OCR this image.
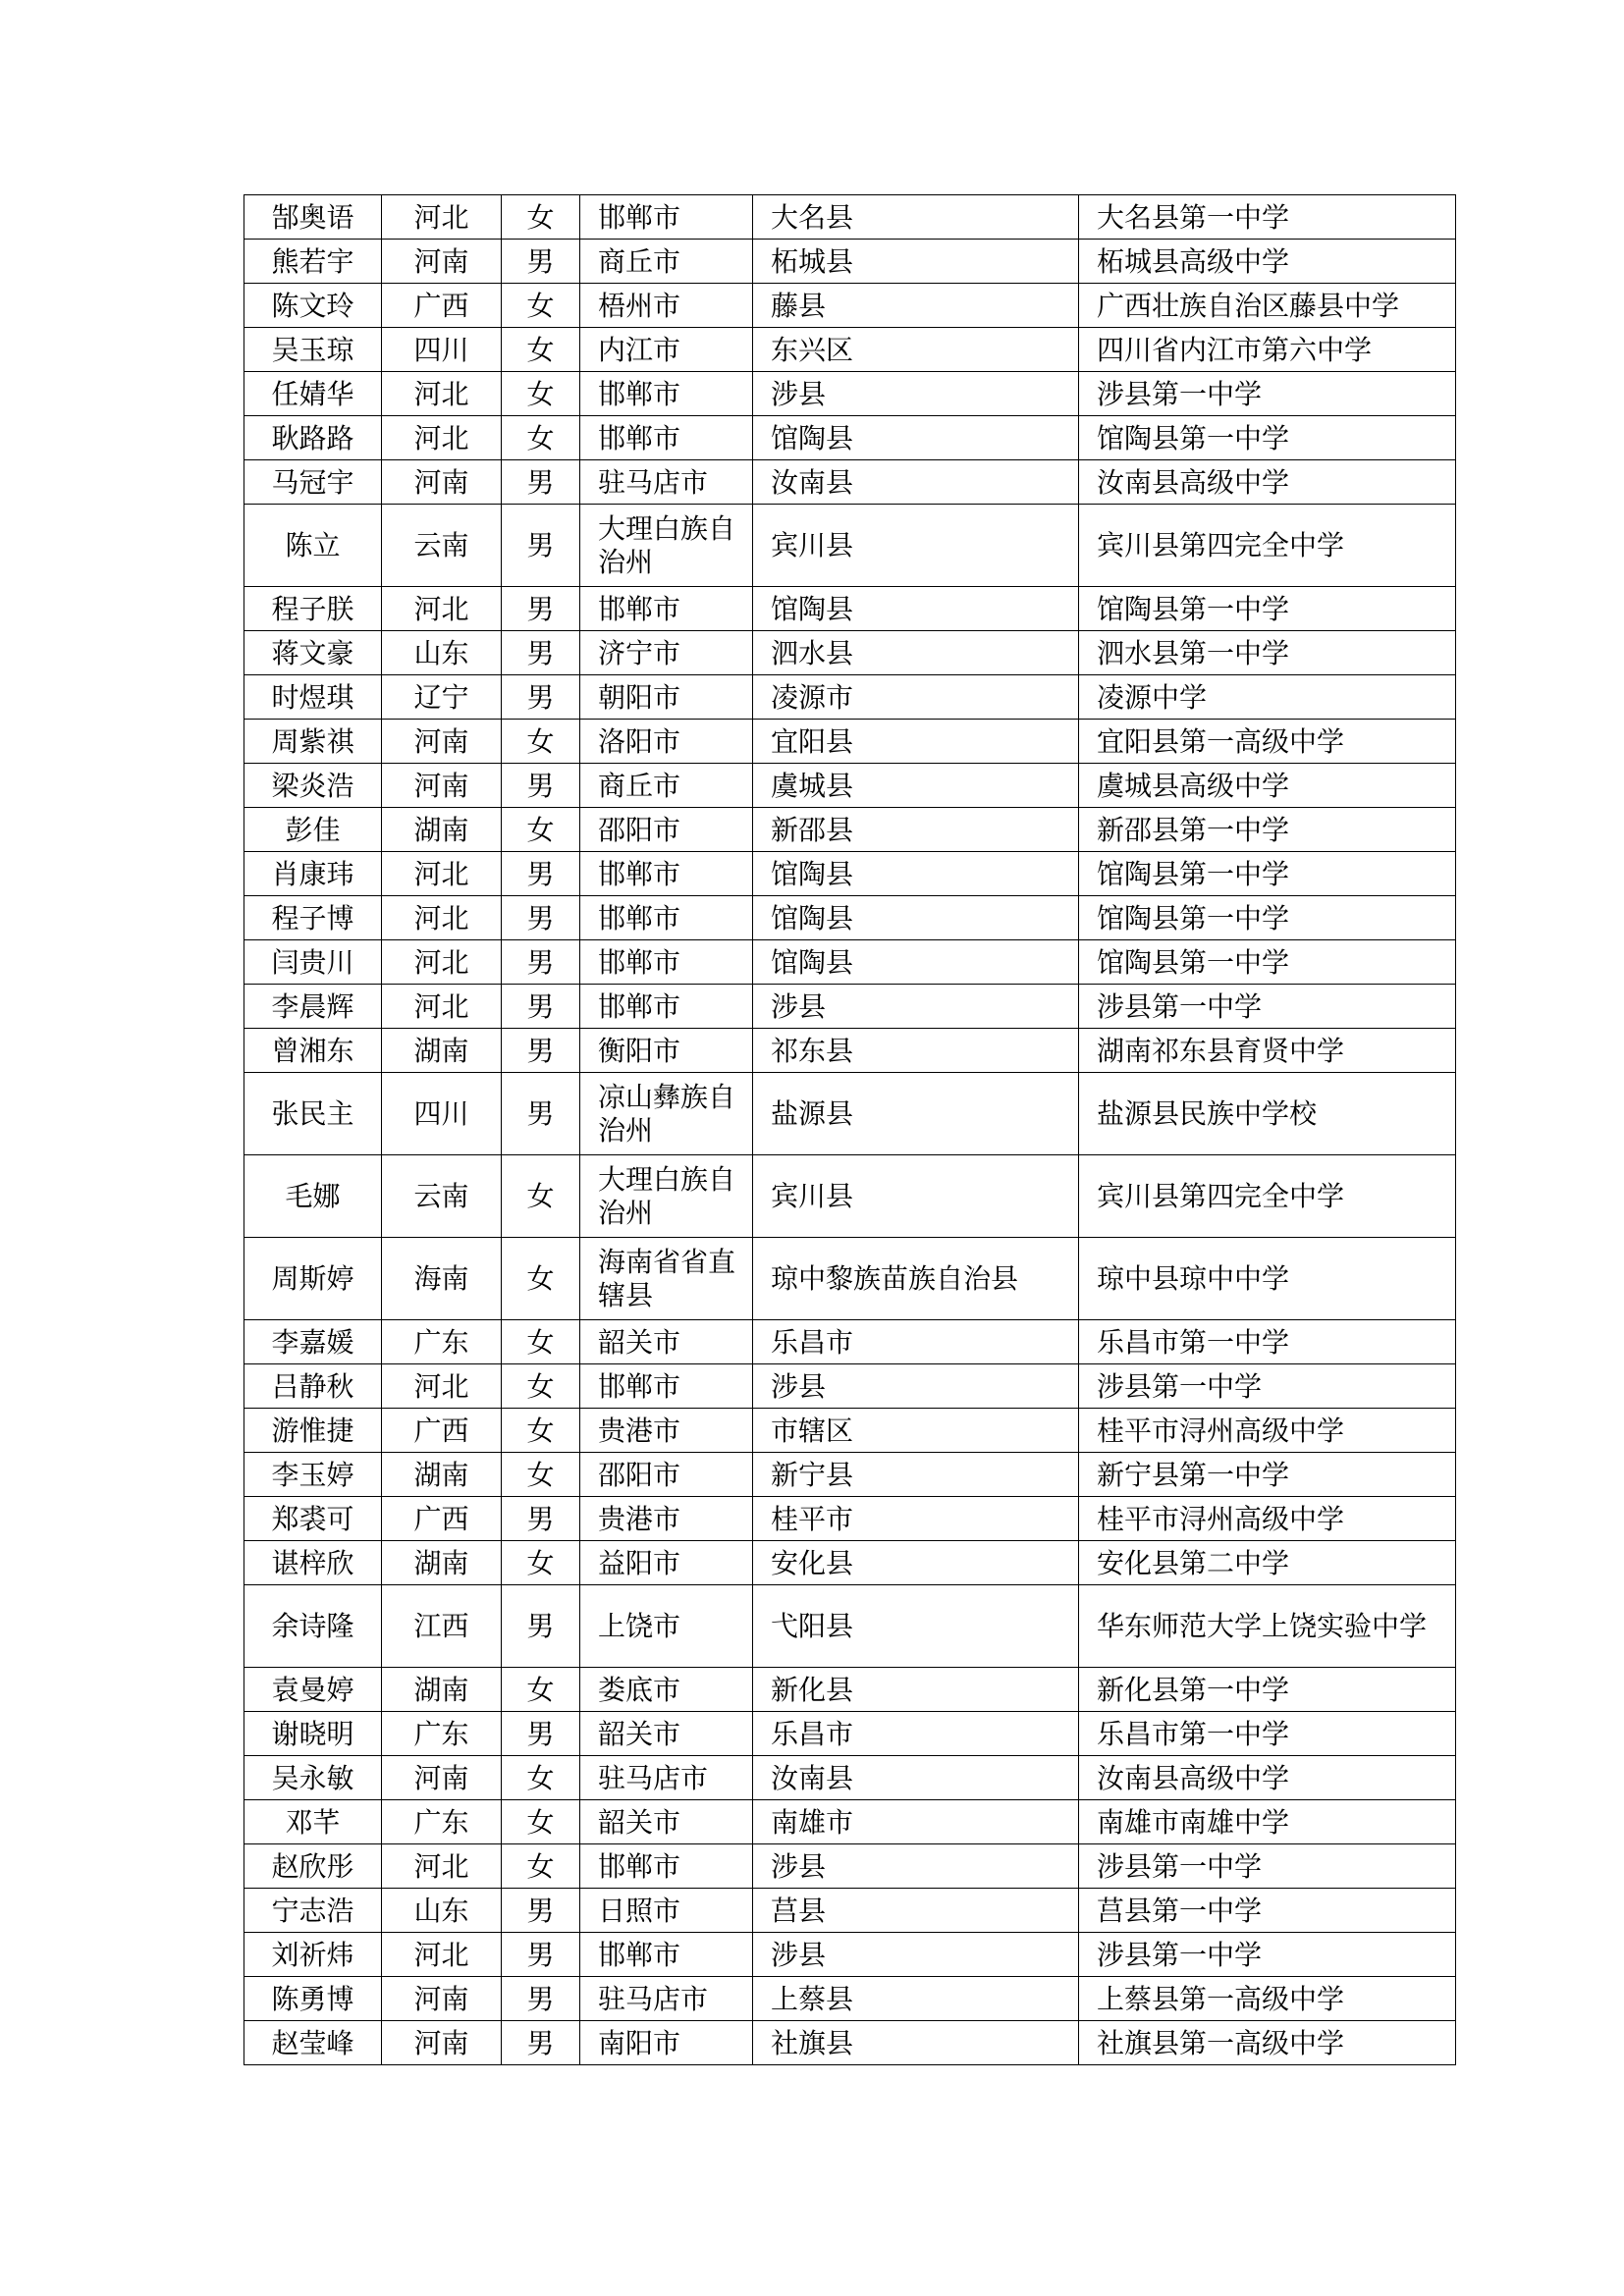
郜奥语	河北	女	邯郸市	大名县	大名县第一中学
熊若宇	河南	男	商丘市	柘城县	柘城县高级中学
陈文玲	广西	女	梧州市	藤县	广西壮族自治区藤县中学
吴玉琼	四川	女	内江市	东兴区	四川省内江市第六中学
任婧华	河北	女	邯郸市	涉县	涉县第一中学
耿路路	河北	女	邯郸市	馆陶县	馆陶县第一中学
马冠宇	河南	男	驻马店市	汝南县	汝南县高级中学
陈立	云南	男	大理白族自治州	宾川县	宾川县第四完全中学
程子朕	河北	男	邯郸市	馆陶县	馆陶县第一中学
蒋文豪	山东	男	济宁市	泗水县	泗水县第一中学
时煜琪	辽宁	男	朝阳市	凌源市	凌源中学
周紫祺	河南	女	洛阳市	宜阳县	宜阳县第一高级中学
梁炎浩	河南	男	商丘市	虞城县	虞城县高级中学
彭佳	湖南	女	邵阳市	新邵县	新邵县第一中学
肖康玮	河北	男	邯郸市	馆陶县	馆陶县第一中学
程子博	河北	男	邯郸市	馆陶县	馆陶县第一中学
闫贵川	河北	男	邯郸市	馆陶县	馆陶县第一中学
李晨辉	河北	男	邯郸市	涉县	涉县第一中学
曾湘东	湖南	男	衡阳市	祁东县	湖南祁东县育贤中学
张民主	四川	男	凉山彝族自治州	盐源县	盐源县民族中学校
毛娜	云南	女	大理白族自治州	宾川县	宾川县第四完全中学
周斯婷	海南	女	海南省省直辖县	琼中黎族苗族自治县	琼中县琼中中学
李嘉媛	广东	女	韶关市	乐昌市	乐昌市第一中学
吕静秋	河北	女	邯郸市	涉县	涉县第一中学
游惟捷	广西	女	贵港市	市辖区	桂平市浔州高级中学
李玉婷	湖南	女	邵阳市	新宁县	新宁县第一中学
郑裘可	广西	男	贵港市	桂平市	桂平市浔州高级中学
谌梓欣	湖南	女	益阳市	安化县	安化县第二中学
余诗隆	江西	男	上饶市	弋阳县	华东师范大学上饶实验中学
袁曼婷	湖南	女	娄底市	新化县	新化县第一中学
谢晓明	广东	男	韶关市	乐昌市	乐昌市第一中学
吴永敏	河南	女	驻马店市	汝南县	汝南县高级中学
邓芊	广东	女	韶关市	南雄市	南雄市南雄中学
赵欣彤	河北	女	邯郸市	涉县	涉县第一中学
宁志浩	山东	男	日照市	莒县	莒县第一中学
刘祈炜	河北	男	邯郸市	涉县	涉县第一中学
陈勇博	河南	男	驻马店市	上蔡县	上蔡县第一高级中学
赵莹峰	河南	男	南阳市	社旗县	社旗县第一高级中学
